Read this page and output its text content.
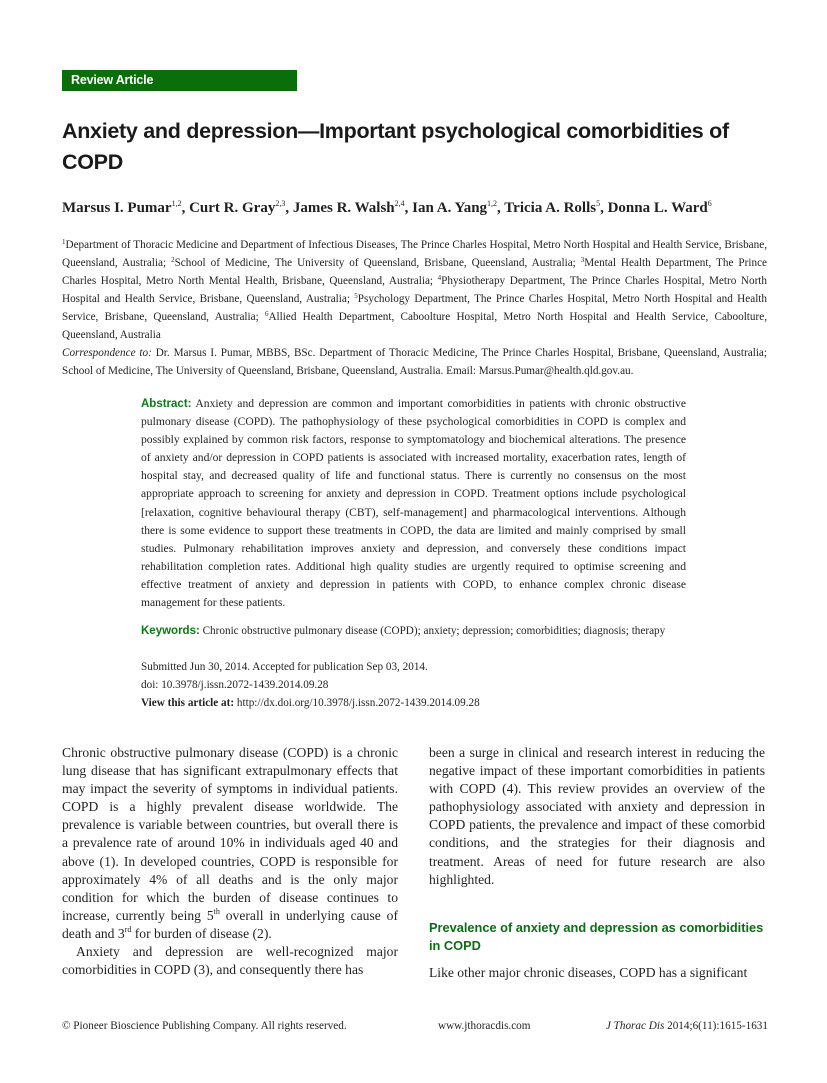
Review Article
Anxiety and depression—Important psychological comorbidities of COPD
Marsus I. Pumar$^{1,2}$, Curt R. Gray$^{2,3}$, James R. Walsh$^{2,4}$, Ian A. Yang$^{1,2}$, Tricia A. Rolls$^5$, Donna L. Ward$^6$
$^1$Department of Thoracic Medicine and Department of Infectious Diseases, The Prince Charles Hospital, Metro North Hospital and Health Service, Brisbane, Queensland, Australia; $^2$School of Medicine, The University of Queensland, Brisbane, Queensland, Australia; $^3$Mental Health Department, The Prince Charles Hospital, Metro North Mental Health, Brisbane, Queensland, Australia; $^4$Physiotherapy Department, The Prince Charles Hospital, Metro North Hospital and Health Service, Brisbane, Queensland, Australia; $^5$Psychology Department, The Prince Charles Hospital, Metro North Hospital and Health Service, Brisbane, Queensland, Australia; $^6$Allied Health Department, Caboolture Hospital, Metro North Hospital and Health Service, Caboolture, Queensland, Australia
Correspondence to: Dr. Marsus I. Pumar, MBBS, BSc. Department of Thoracic Medicine, The Prince Charles Hospital, Brisbane, Queensland, Australia; School of Medicine, The University of Queensland, Brisbane, Queensland, Australia. Email: Marsus.Pumar@health.qld.gov.au.
Abstract: Anxiety and depression are common and important comorbidities in patients with chronic obstructive pulmonary disease (COPD). The pathophysiology of these psychological comorbidities in COPD is complex and possibly explained by common risk factors, response to symptomatology and biochemical alterations. The presence of anxiety and/or depression in COPD patients is associated with increased mortality, exacerbation rates, length of hospital stay, and decreased quality of life and functional status. There is currently no consensus on the most appropriate approach to screening for anxiety and depression in COPD. Treatment options include psychological [relaxation, cognitive behavioural therapy (CBT), self-management] and pharmacological interventions. Although there is some evidence to support these treatments in COPD, the data are limited and mainly comprised by small studies. Pulmonary rehabilitation improves anxiety and depression, and conversely these conditions impact rehabilitation completion rates. Additional high quality studies are urgently required to optimise screening and effective treatment of anxiety and depression in patients with COPD, to enhance complex chronic disease management for these patients.
Keywords: Chronic obstructive pulmonary disease (COPD); anxiety; depression; comorbidities; diagnosis; therapy
Submitted Jun 30, 2014. Accepted for publication Sep 03, 2014.
doi: 10.3978/j.issn.2072-1439.2014.09.28
View this article at: http://dx.doi.org/10.3978/j.issn.2072-1439.2014.09.28

Chronic obstructive pulmonary disease (COPD) is a chronic lung disease that has significant extrapulmonary effects that may impact the severity of symptoms in individual patients. COPD is a highly prevalent disease worldwide. The prevalence is variable between countries, but overall there is a prevalence rate of around 10% in individuals aged 40 and above (1). In developed countries, COPD is responsible for approximately 4% of all deaths and is the only major condition for which the burden of disease continues to increase, currently being 5th overall in underlying cause of death and 3rd for burden of disease (2).

Anxiety and depression are well-recognized major comorbidities in COPD (3), and consequently there has

been a surge in clinical and research interest in reducing the negative impact of these important comorbidities in patients with COPD (4). This review provides an overview of the pathophysiology associated with anxiety and depression in COPD patients, the prevalence and impact of these comorbid conditions, and the strategies for their diagnosis and treatment. Areas of need for future research are also highlighted.

Prevalence of anxiety and depression as comorbidities in COPD

Like other major chronic diseases, COPD has a significant

© Pioneer Bioscience Publishing Company. All rights reserved.	www.jthoracdis.com	J Thorac Dis 2014;6(11):1615-1631
